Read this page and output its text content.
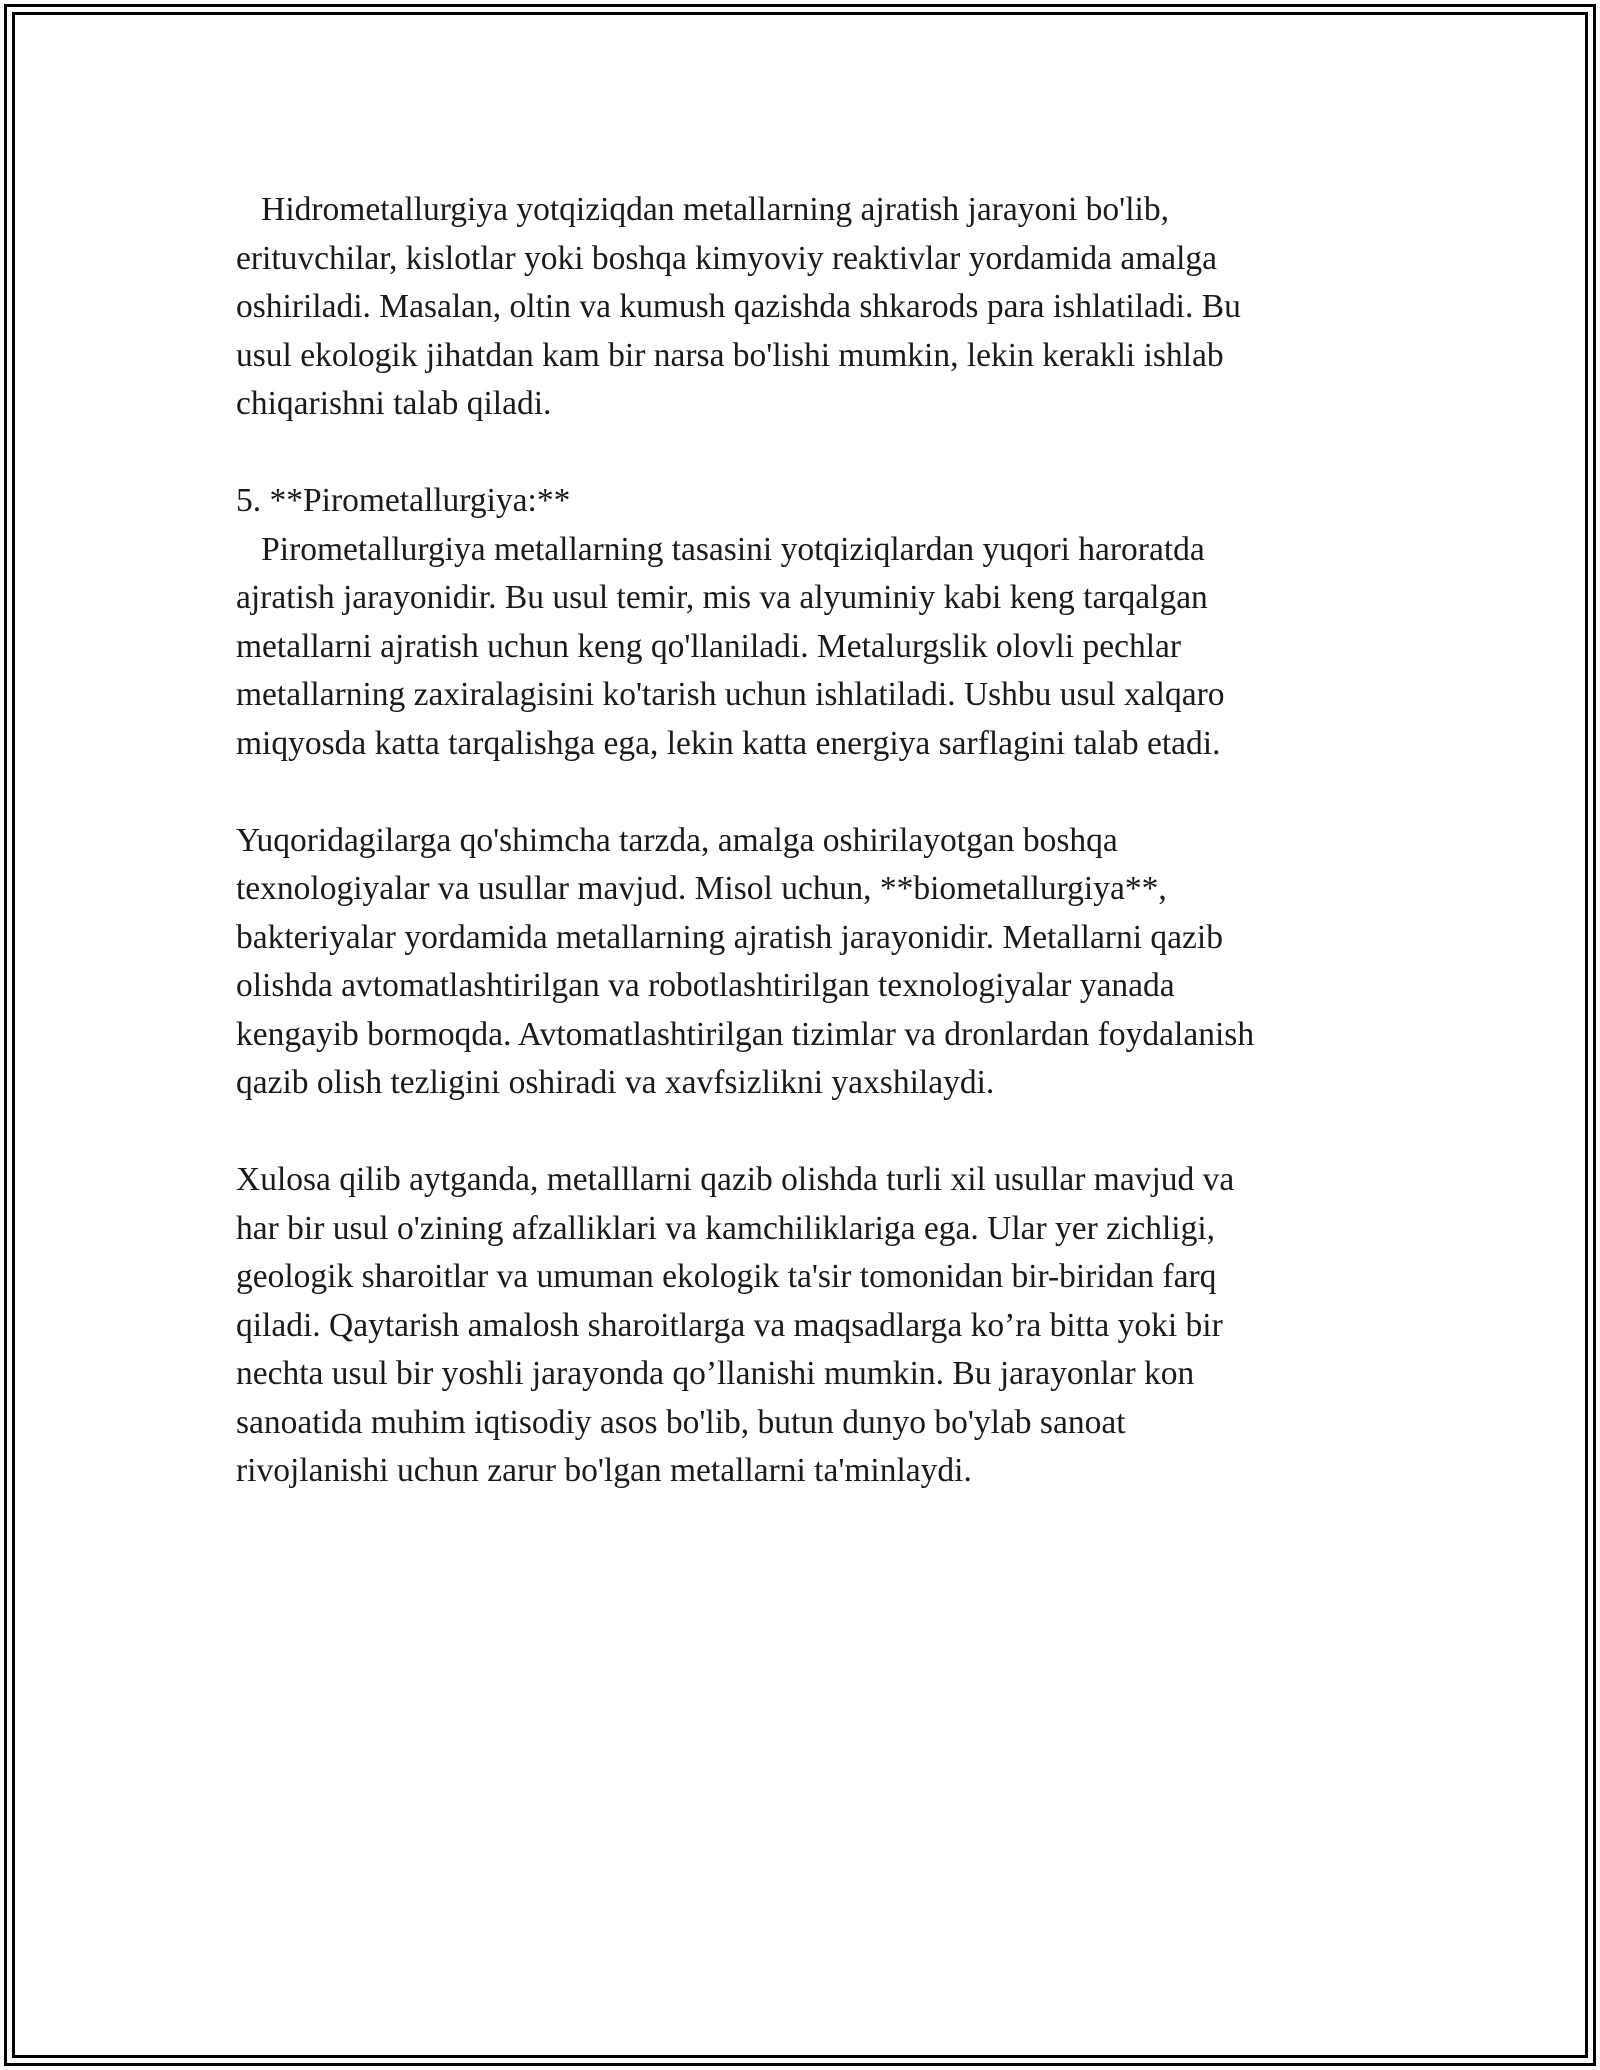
Hidrometallurgiya yotqiziqdan metallarning ajratish jarayoni bo'lib,
erituvchilar, kislotlar yoki boshqa kimyoviy reaktivlar yordamida amalga
oshiriladi. Masalan, oltin va kumush qazishda shkarods para ishlatiladi. Bu
usul ekologik jihatdan kam bir narsa bo'lishi mumkin, lekin kerakli ishlab
chiqarishni talab qiladi.
5. **Pirometallurgiya:**
Pirometallurgiya metallarning tasasini yotqiziqlardan yuqori haroratda
ajratish jarayonidir. Bu usul temir, mis va alyuminiy kabi keng tarqalgan
metallarni ajratish uchun keng qo'llaniladi. Metalurgslik olovli pechlar
metallarning zaxiralagisini ko'tarish uchun ishlatiladi. Ushbu usul xalqaro
miqyosda katta tarqalishga ega, lekin katta energiya sarflagini talab etadi.
Yuqoridagilarga qo'shimcha tarzda, amalga oshirilayotgan boshqa
texnologiyalar va usullar mavjud. Misol uchun, **biometallurgiya**,
bakteriyalar yordamida metallarning ajratish jarayonidir. Metallarni qazib
olishda avtomatlashtirilgan va robotlashtirilgan texnologiyalar yanada
kengayib bormoqda. Avtomatlashtirilgan tizimlar va dronlardan foydalanish
qazib olish tezligini oshiradi va xavfsizlikni yaxshilaydi.
Xulosa qilib aytganda, metalllarni qazib olishda turli xil usullar mavjud va
har bir usul o'zining afzalliklari va kamchiliklariga ega. Ular yer zichligi,
geologik sharoitlar va umuman ekologik ta'sir tomonidan bir-biridan farq
qiladi. Qaytarish amalosh sharoitlarga va maqsadlarga ko’ra bitta yoki bir
nechta usul bir yoshli jarayonda qo’llanishi mumkin. Bu jarayonlar kon
sanoatida muhim iqtisodiy asos bo'lib, butun dunyo bo'ylab sanoat
rivojlanishi uchun zarur bo'lgan metallarni ta'minlaydi.
